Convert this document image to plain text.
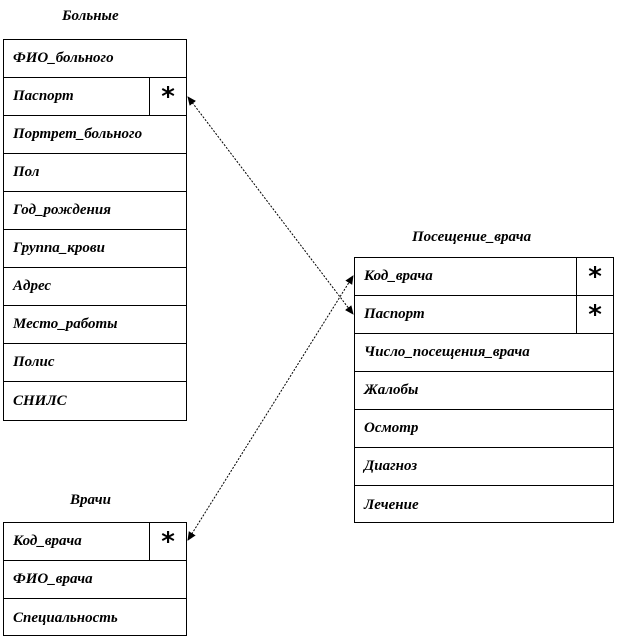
Больные
ФИО_больного
Паспорт	*
Портрет_больного
Пол
Год_рождения
Группа_крови
Адрес
Место_работы
Полис
СНИЛС
Посещение_врача
Код_врача	*
Паспорт	*
Число_посещения_врача
Жалобы
Осмотр
Диагноз
Лечение
Врачи
Код_врача	*
ФИО_врача
Специальность
